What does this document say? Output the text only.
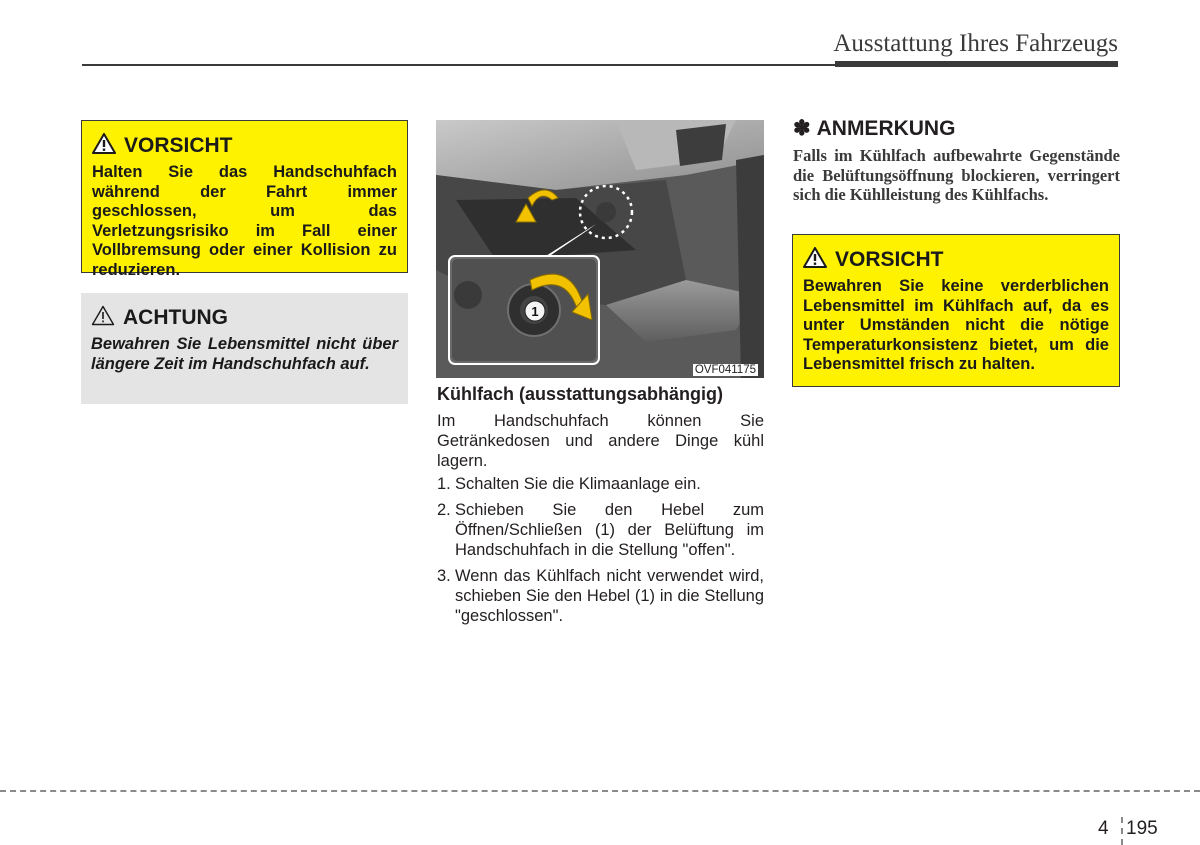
Ausstattung Ihres Fahrzeugs
VORSICHT
Halten Sie das Handschuhfach während der Fahrt immer geschlossen, um das Verletzungsrisiko im Fall einer Vollbremsung oder einer Kollision zu reduzieren.
ACHTUNG
Bewahren Sie Lebensmittel nicht über längere Zeit im Handschuhfach auf.
1
OVF041175
Kühlfach (ausstattungsabhängig)
Im Handschuhfach können Sie Getränkedosen und andere Dinge kühl lagern.
1. Schalten Sie die Klimaanlage ein.
2. Schieben Sie den Hebel zum Öffnen/Schließen (1) der Belüftung im Handschuhfach in die Stellung "offen".
3. Wenn das Kühlfach nicht verwendet wird, schieben Sie den Hebel (1) in die Stellung "geschlossen".
✽ ANMERKUNG
Falls im Kühlfach aufbewahrte Gegenstände die Belüftungsöffnung blockieren, verringert sich die Kühlleistung des Kühlfachs.
VORSICHT
Bewahren Sie keine verderblichen Lebensmittel im Kühlfach auf, da es unter Umständen nicht die nötige Temperaturkonsistenz bietet, um die Lebensmittel frisch zu halten.
4 195
